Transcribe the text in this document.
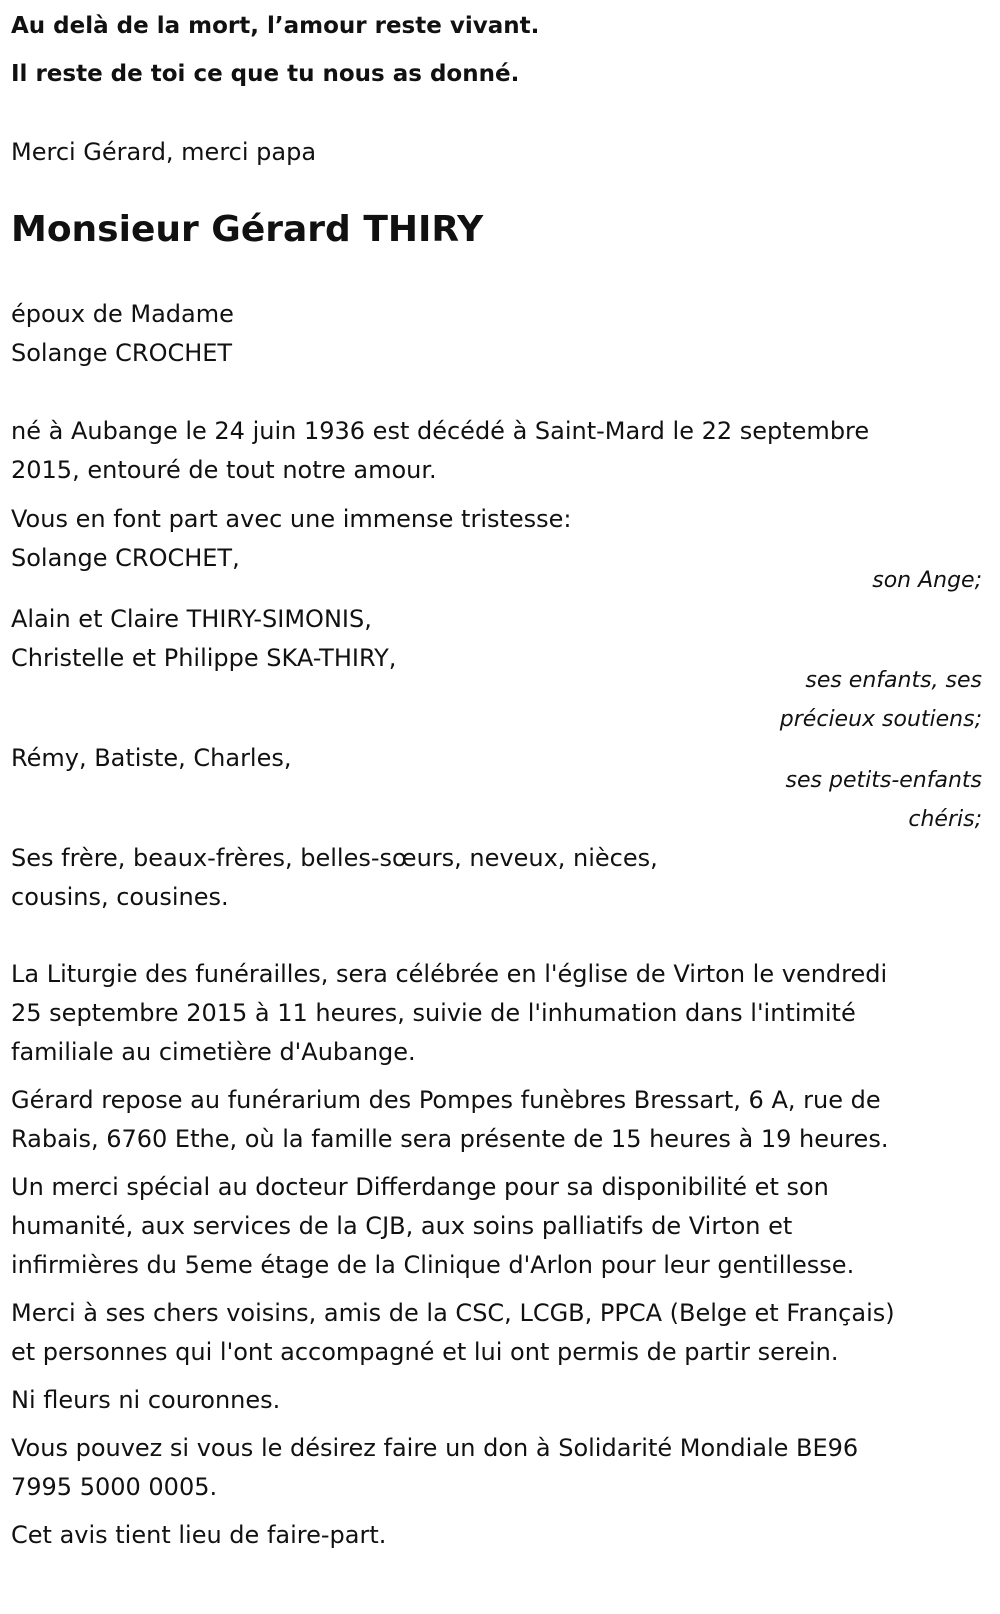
Au delà de la mort, l’amour reste vivant.
Il reste de toi ce que tu nous as donné.
Merci Gérard, merci papa
Monsieur Gérard THIRY
époux de Madame
Solange CROCHET
né à Aubange le 24 juin 1936 est décédé à Saint-Mard le 22 septembre
2015, entouré de tout notre amour.
Vous en font part avec une immense tristesse:
Solange CROCHET,
son Ange;
Alain et Claire THIRY-SIMONIS,
Christelle et Philippe SKA-THIRY,
ses enfants, ses
précieux soutiens;
Rémy, Batiste, Charles,
ses petits-enfants
chéris;
Ses frère, beaux-frères, belles-sœurs, neveux, nièces,
cousins, cousines.
La Liturgie des funérailles, sera célébrée en l'église de Virton le vendredi
25 septembre 2015 à 11 heures, suivie de l'inhumation dans l'intimité
familiale au cimetière d'Aubange.
Gérard repose au funérarium des Pompes funèbres Bressart, 6 A, rue de
Rabais, 6760 Ethe, où la famille sera présente de 15 heures à 19 heures.
Un merci spécial au docteur Differdange pour sa disponibilité et son
humanité, aux services de la CJB, aux soins palliatifs de Virton et
infirmières du 5eme étage de la Clinique d'Arlon pour leur gentillesse.
Merci à ses chers voisins, amis de la CSC, LCGB, PPCA (Belge et Français)
et personnes qui l'ont accompagné et lui ont permis de partir serein.
Ni fleurs ni couronnes.
Vous pouvez si vous le désirez faire un don à Solidarité Mondiale BE96
7995 5000 0005.
Cet avis tient lieu de faire-part.
